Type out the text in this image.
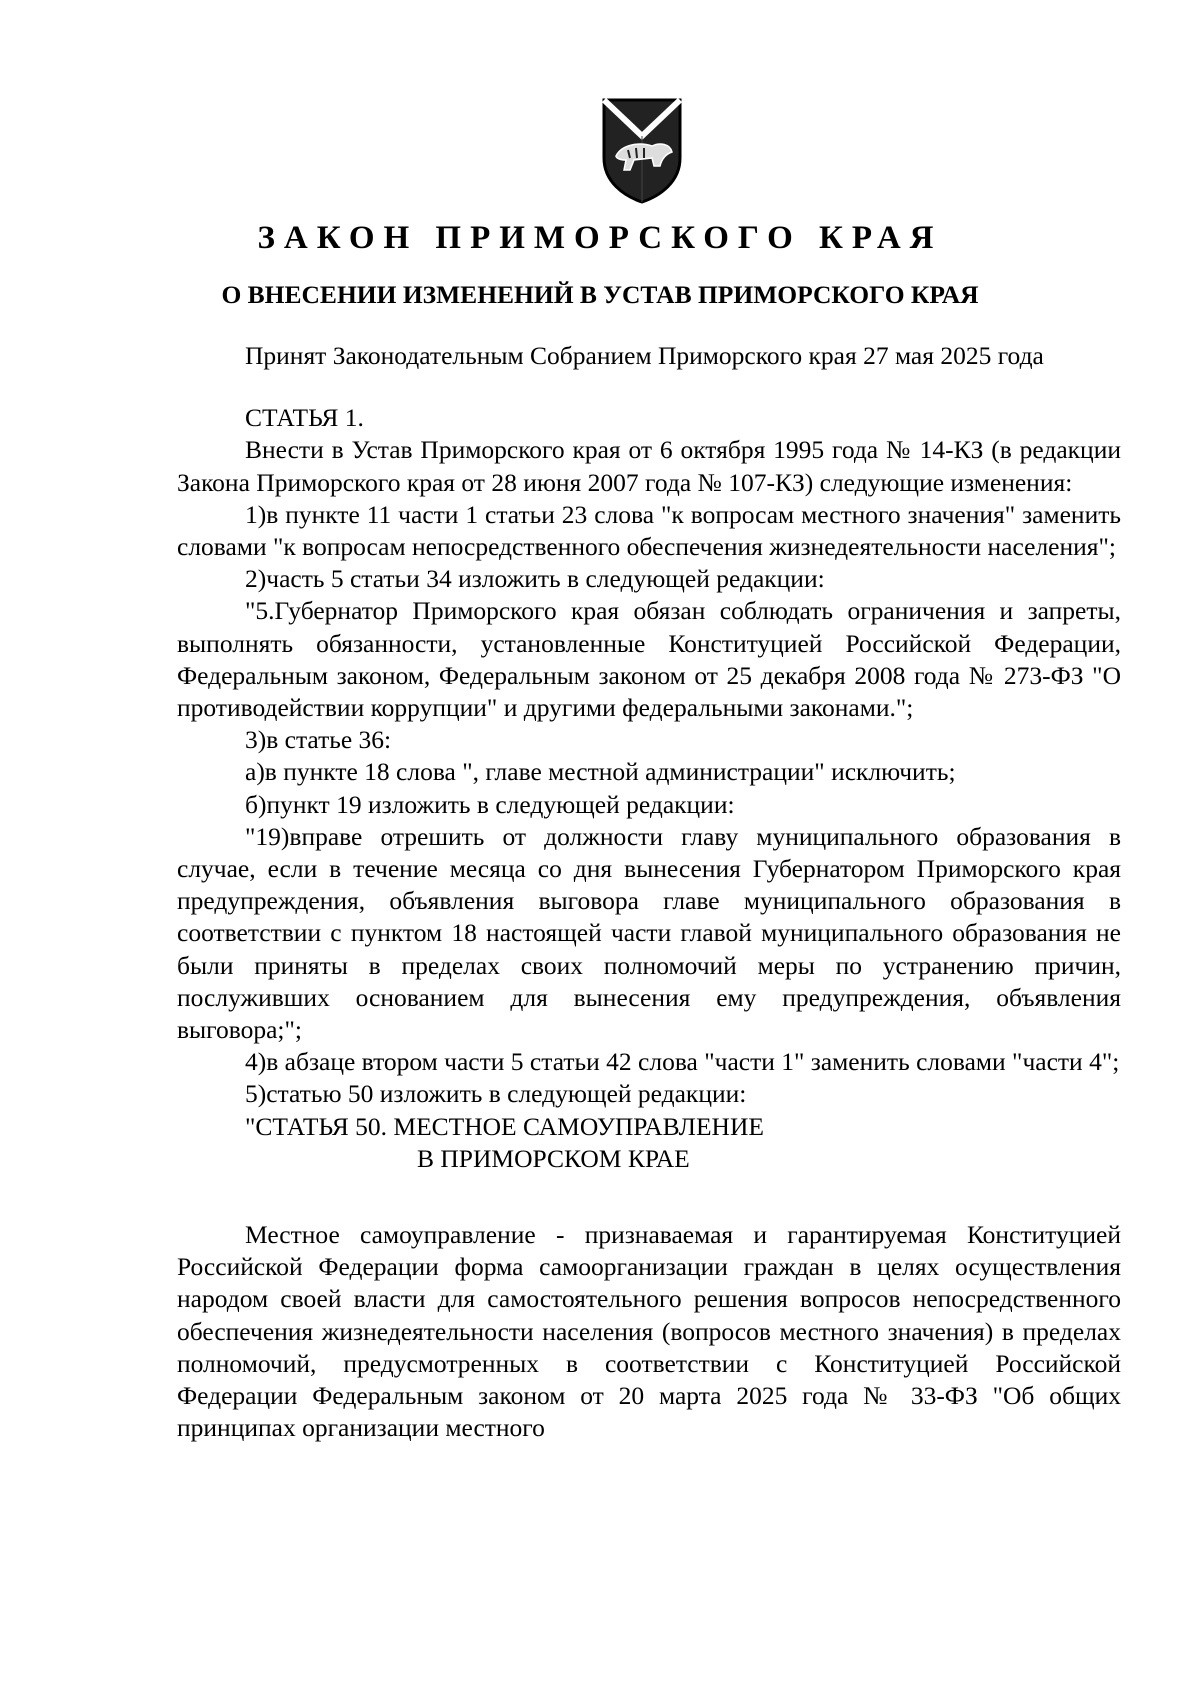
ЗАКОН ПРИМОРСКОГО КРАЯ
О ВНЕСЕНИИ ИЗМЕНЕНИЙ В УСТАВ ПРИМОРСКОГО КРАЯ

Принят Законодательным Собранием Приморского края 27 мая 2025 года

СТАТЬЯ 1.

Внести в Устав Приморского края от 6 октября 1995 года № 14-КЗ (в редакции Закона Приморского края от 28 июня 2007 года № 107-КЗ) следующие изменения:

1)в пункте 11 части 1 статьи 23 слова "к вопросам местного значения" заменить словами "к вопросам непосредственного обеспечения жизнедеятельности населения";

2)часть 5 статьи 34 изложить в следующей редакции:

"5.Губернатор Приморского края обязан соблюдать ограничения и запреты, выполнять обязанности, установленные Конституцией Российской Федерации, Федеральным законом, Федеральным законом от 25 декабря 2008 года № 273-ФЗ "О противодействии коррупции" и другими федеральными законами.";

3)в статье 36:

а)в пункте 18 слова ", главе местной администрации" исключить;

б)пункт 19 изложить в следующей редакции:

"19)вправе отрешить от должности главу муниципального образования в случае, если в течение месяца со дня вынесения Губернатором Приморского края предупреждения, объявления выговора главе муниципального образования в соответствии с пунктом 18 настоящей части главой муниципального образования не были приняты в пределах своих полномочий меры по устранению причин, послуживших основанием для вынесения ему предупреждения, объявления выговора;";

4)в абзаце втором части 5 статьи 42 слова "части 1" заменить словами "части 4";

5)статью 50 изложить в следующей редакции:

"СТАТЬЯ 50. МЕСТНОЕ САМОУПРАВЛЕНИЕ

В ПРИМОРСКОМ КРАЕ

Местное самоуправление - признаваемая и гарантируемая Конституцией Российской Федерации форма самоорганизации граждан в целях осуществления народом своей власти для самостоятельного решения вопросов непосредственного обеспечения жизнедеятельности населения (вопросов местного значения) в пределах полномочий, предусмотренных в соответствии с Конституцией Российской Федерации Федеральным законом от 20 марта 2025 года № 33-ФЗ "Об общих принципах организации местного
